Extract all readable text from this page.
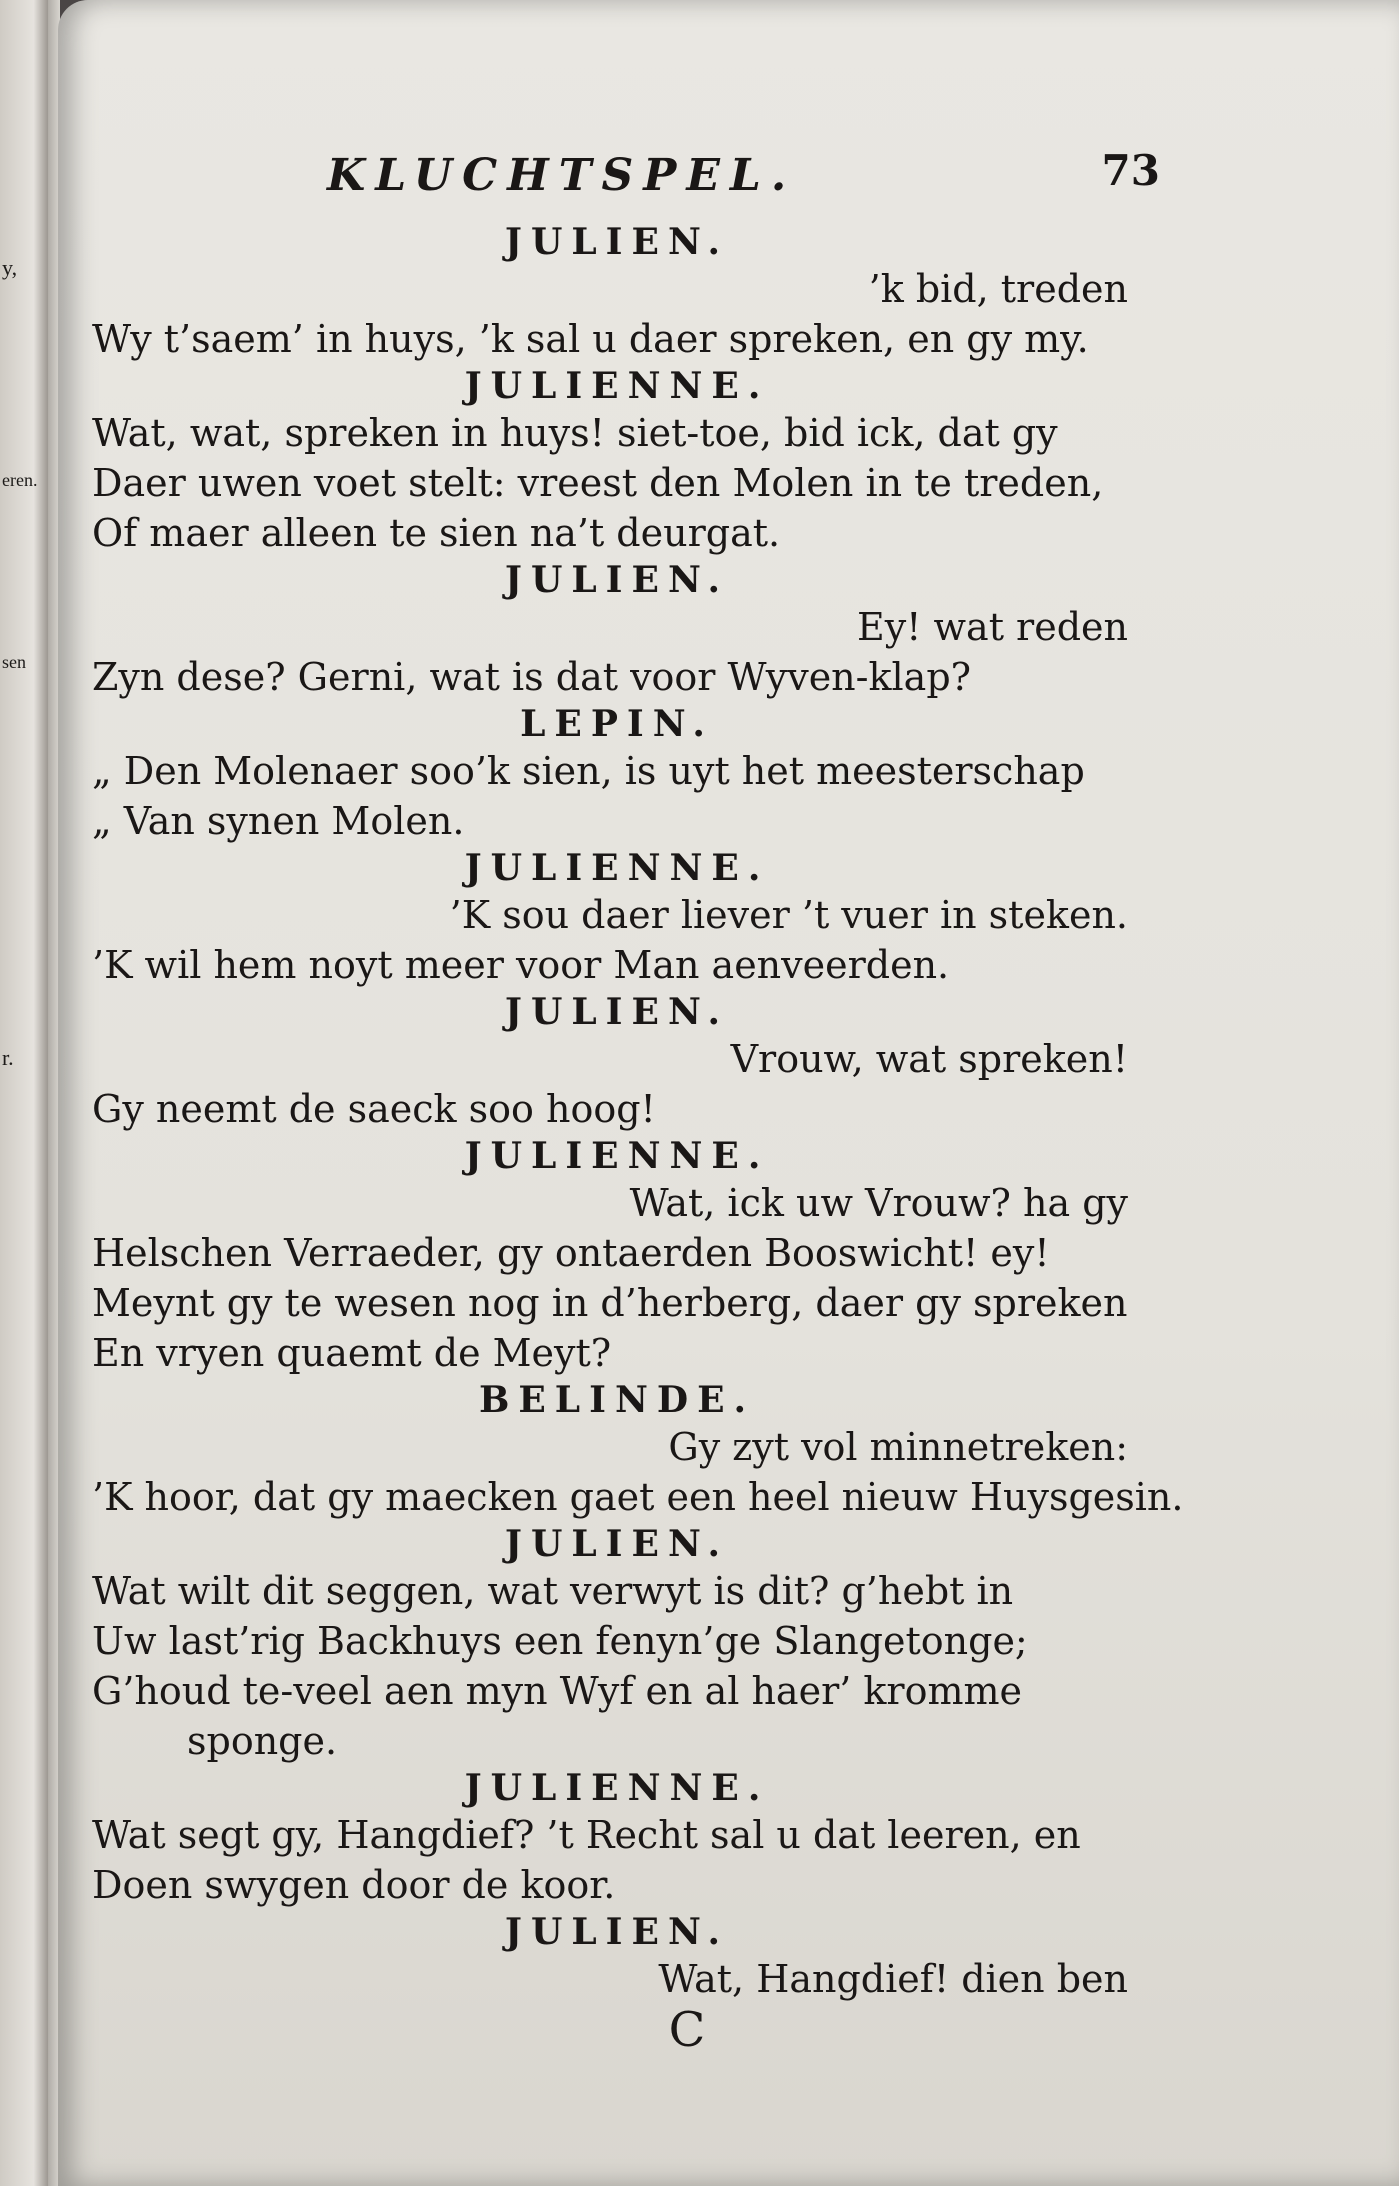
y,
eren.
sen
r.
KLUCHTSPEL.	73

JULIEN.

’k bid, treden

Wy t’saem’ in huys, ’k sal u daer spreken, en gy my.

JULIENNE.

Wat, wat, spreken in huys! siet-toe, bid ick, dat gy

Daer uwen voet stelt: vreest den Molen in te treden,

Of maer alleen te sien na’t deurgat.

JULIEN.

Ey! wat reden

Zyn dese? Gerni, wat is dat voor Wyven-klap?

LEPIN.

„ Den Molenaer soo’k sien, is uyt het meesterschap

„ Van synen Molen.

JULIENNE.

’K sou daer liever ’t vuer in steken.

’K wil hem noyt meer voor Man aenveerden.

JULIEN.

Vrouw, wat spreken!

Gy neemt de saeck soo hoog!

JULIENNE.

Wat, ick uw Vrouw? ha gy

Helschen Verraeder, gy ontaerden Booswicht! ey!

Meynt gy te wesen nog in d’herberg, daer gy spreken

En vryen quaemt de Meyt?

BELINDE.

Gy zyt vol minnetreken:

’K hoor, dat gy maecken gaet een heel nieuw Huysgesin.

JULIEN.

Wat wilt dit seggen, wat verwyt is dit? g’hebt in

Uw last’rig Backhuys een fenyn’ge Slangetonge;

G’houd te-veel aen myn Wyf en al haer’ kromme

sponge.

JULIENNE.

Wat segt gy, Hangdief? ’t Recht sal u dat leeren, en

Doen swygen door de koor.

JULIEN.

Wat, Hangdief! dien ben

C
